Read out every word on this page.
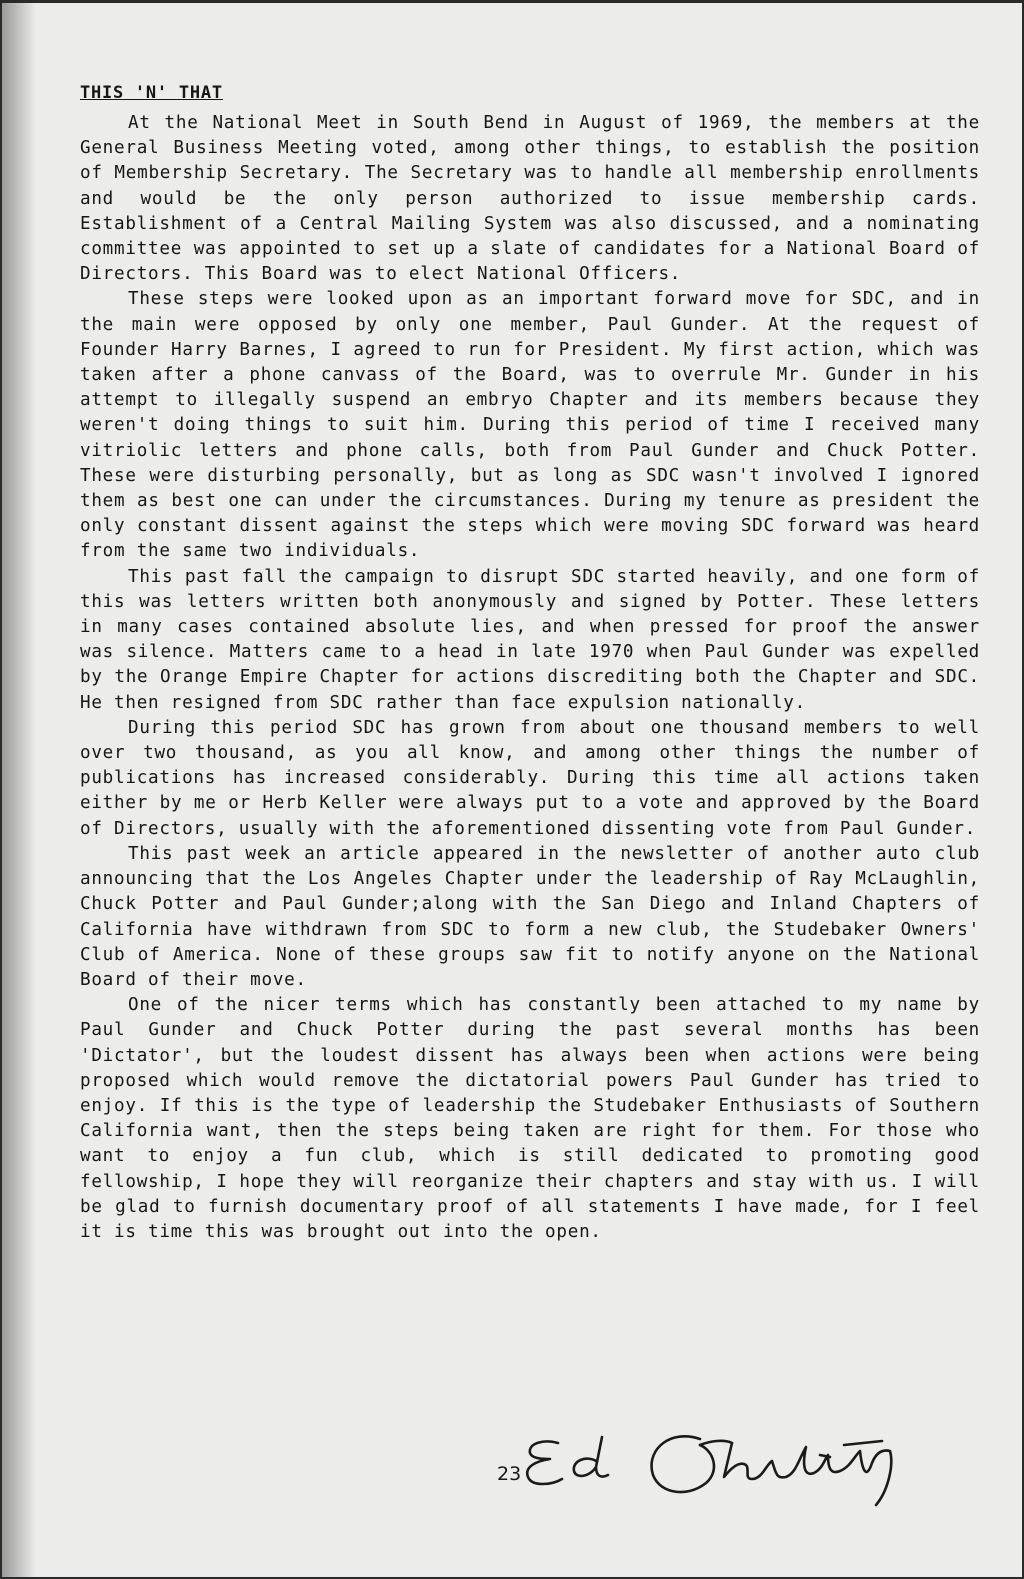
THIS 'N' THAT

At the National Meet in South Bend in August of 1969, the members at the General Business Meeting voted, among other things, to establish the position of Membership Secretary. The Secretary was to handle all membership enrollments and would be the only person authorized to issue membership cards. Establishment of a Central Mailing System was also discussed, and a nominating committee was appointed to set up a slate of candidates for a National Board of Directors. This Board was to elect National Officers.

These steps were looked upon as an important forward move for SDC, and in the main were opposed by only one member, Paul Gunder. At the request of Founder Harry Barnes, I agreed to run for President. My first action, which was taken after a phone canvass of the Board, was to overrule Mr. Gunder in his attempt to illegally suspend an embryo Chapter and its members because they weren't doing things to suit him. During this period of time I received many vitriolic letters and phone calls, both from Paul Gunder and Chuck Potter. These were disturbing personally, but as long as SDC wasn't involved I ignored them as best one can under the circumstances. During my tenure as president the only constant dissent against the steps which were moving SDC forward was heard from the same two individuals.

This past fall the campaign to disrupt SDC started heavily, and one form of this was letters written both anonymously and signed by Potter. These letters in many cases contained absolute lies, and when pressed for proof the answer was silence. Matters came to a head in late 1970 when Paul Gunder was expelled by the Orange Empire Chapter for actions discrediting both the Chapter and SDC. He then resigned from SDC rather than face expulsion nationally.

During this period SDC has grown from about one thousand members to well over two thousand, as you all know, and among other things the number of publications has increased considerably. During this time all actions taken either by me or Herb Keller were always put to a vote and approved by the Board of Directors, usually with the aforementioned dissenting vote from Paul Gunder.

This past week an article appeared in the newsletter of another auto club announcing that the Los Angeles Chapter under the leadership of Ray McLaughlin, Chuck Potter and Paul Gunder;along with the San Diego and Inland Chapters of California have withdrawn from SDC to form a new club, the Studebaker Owners' Club of America. None of these groups saw fit to notify anyone on the National Board of their move.

One of the nicer terms which has constantly been attached to my name by Paul Gunder and Chuck Potter during the past several months has been 'Dictator', but the loudest dissent has always been when actions were being proposed which would remove the dictatorial powers Paul Gunder has tried to enjoy. If this is the type of leadership the Studebaker Enthusiasts of Southern California want, then the steps being taken are right for them. For those who want to enjoy a fun club, which is still dedicated to promoting good fellowship, I hope they will reorganize their chapters and stay with us. I will be glad to furnish documentary proof of all statements I have made, for I feel it is time this was brought out into the open.

23
